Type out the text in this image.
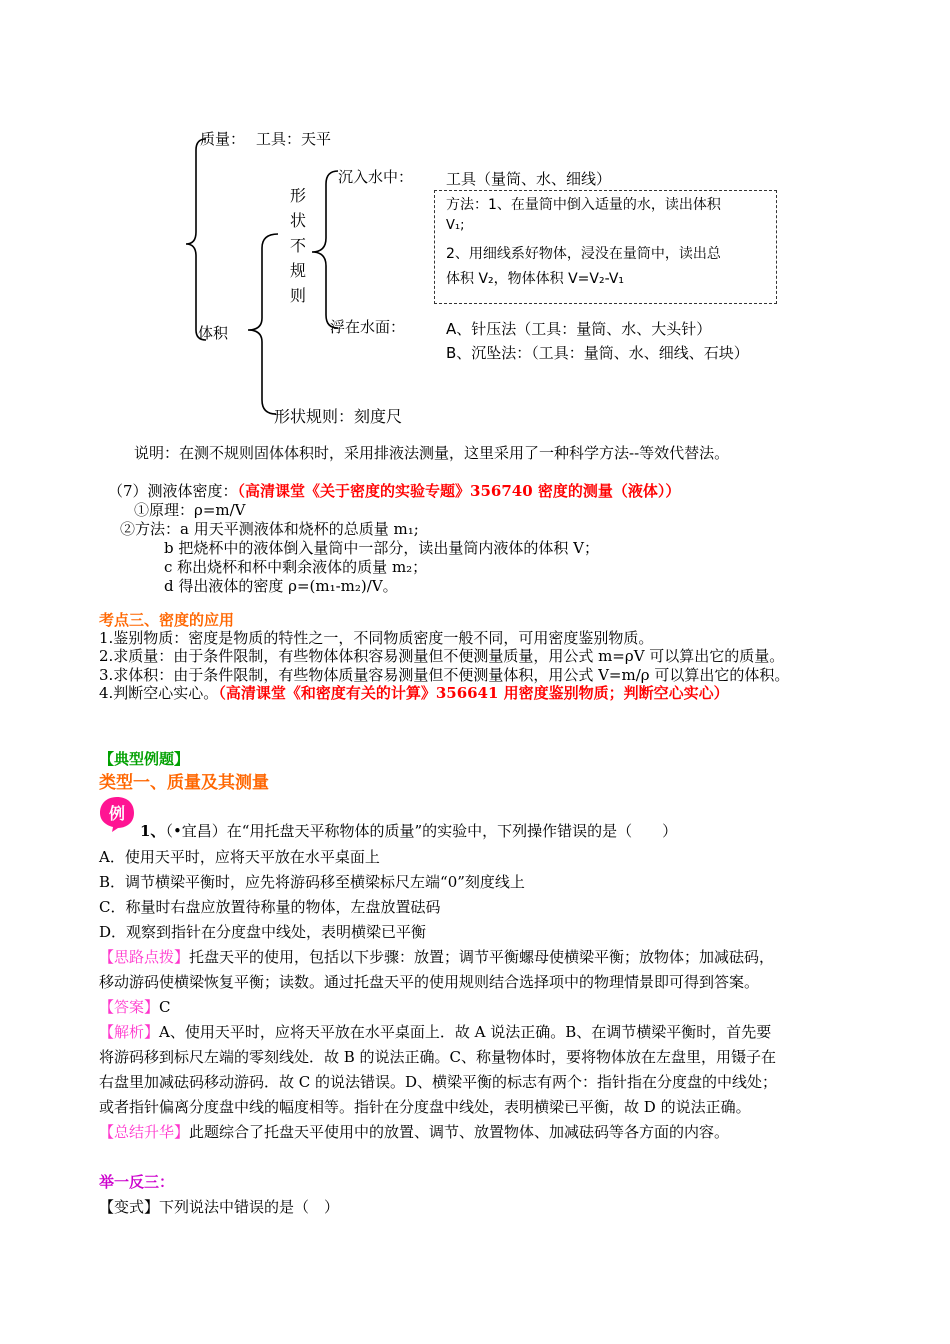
质量： 工具：天平
形
状
不
规
则
沉入水中： 工具（量筒、水、细线）
方法：1、在量筒中倒入适量的水，读出体积
V₁;
2、用细线系好物体，浸没在量筒中，读出总
体积 V₂，物体体积 V=V₂-V₁
体积	浮在水面：	A、针压法（工具：量筒、水、大头针）
B、沉坠法：（工具：量筒、水、细线、石块）
形状规则：刻度尺
说明：在测不规则固体体积时，采用排液法测量，这里采用了一种科学方法--等效代替法。
（7）测液体密度：（高清课堂《关于密度的实验专题》356740 密度的测量（液体））
①原理：ρ=m/V
②方法：a 用天平测液体和烧杯的总质量 m₁;
b 把烧杯中的液体倒入量筒中一部分，读出量筒内液体的体积 V；
c 称出烧杯和杯中剩余液体的质量 m₂；
d 得出液体的密度 ρ=(m₁-m₂)/V。
考点三、密度的应用
1.鉴别物质：密度是物质的特性之一，不同物质密度一般不同，可用密度鉴别物质。
2.求质量：由于条件限制，有些物体体积容易测量但不便测量质量，用公式 m=ρV 可以算出它的质量。
3.求体积：由于条件限制，有些物体质量容易测量但不便测量体积，用公式 V=m/ρ 可以算出它的体积。
4.判断空心实心。（高清课堂《和密度有关的计算》356641 用密度鉴别物质；判断空心实心）
【典型例题】
类型一、质量及其测量
例
1、（•宜昌）在“用托盘天平称物体的质量”的实验中，下列操作错误的是（　　）
A．使用天平时，应将天平放在水平桌面上
B．调节横梁平衡时，应先将游码移至横梁标尺左端“0”刻度线上
C．称量时右盘应放置待称量的物体，左盘放置砝码
D．观察到指针在分度盘中线处，表明横梁已平衡
【思路点拨】托盘天平的使用，包括以下步骤：放置；调节平衡螺母使横梁平衡；放物体；加减砝码，
移动游码使横梁恢复平衡；读数。通过托盘天平的使用规则结合选择项中的物理情景即可得到答案。
【答案】C
【解析】A、使用天平时，应将天平放在水平桌面上．故 A 说法正确。B、在调节横梁平衡时，首先要
将游码移到标尺左端的零刻线处．故 B 的说法正确。C、称量物体时，要将物体放在左盘里，用镊子在
右盘里加减砝码移动游码．故 C 的说法错误。D、横梁平衡的标志有两个：指针指在分度盘的中线处；
或者指针偏离分度盘中线的幅度相等。指针在分度盘中线处，表明横梁已平衡，故 D 的说法正确。
【总结升华】此题综合了托盘天平使用中的放置、调节、放置物体、加减砝码等各方面的内容。
举一反三：
【变式】下列说法中错误的是（　）
